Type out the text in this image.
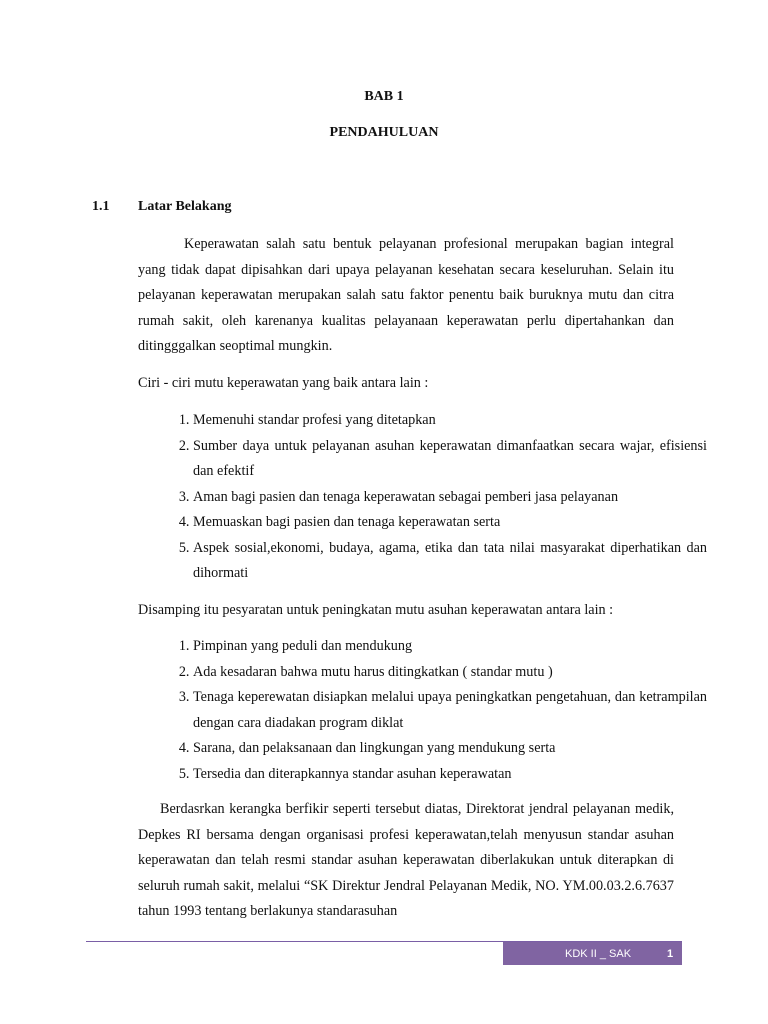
BAB 1

PENDAHULUAN

1.1	Latar Belakang

Keperawatan salah satu bentuk pelayanan profesional merupakan bagian integral yang tidak dapat dipisahkan dari upaya pelayanan kesehatan secara keseluruhan. Selain itu pelayanan keperawatan merupakan salah satu faktor penentu baik buruknya mutu dan citra rumah sakit, oleh karenanya kualitas pelayanaan keperawatan perlu dipertahankan dan ditingggalkan seoptimal mungkin.

Ciri - ciri mutu keperawatan yang baik antara lain :

1. Memenuhi standar profesi yang ditetapkan
2. Sumber daya untuk pelayanan asuhan keperawatan dimanfaatkan secara wajar, efisiensi dan efektif
3. Aman bagi pasien dan tenaga keperawatan sebagai pemberi jasa pelayanan
4. Memuaskan bagi pasien dan tenaga keperawatan serta
5. Aspek sosial,ekonomi, budaya, agama, etika dan tata nilai masyarakat diperhatikan dan dihormati

Disamping itu pesyaratan untuk peningkatan mutu asuhan keperawatan antara lain :

1. Pimpinan yang peduli dan mendukung
2. Ada kesadaran bahwa mutu harus ditingkatkan ( standar mutu )
3. Tenaga keperewatan disiapkan melalui upaya peningkatkan pengetahuan, dan ketrampilan dengan cara diadakan program diklat
4. Sarana, dan pelaksanaan dan lingkungan yang mendukung serta
5. Tersedia dan diterapkannya standar asuhan keperawatan

Berdasrkan kerangka berfikir seperti tersebut diatas, Direktorat jendral pelayanan medik, Depkes RI bersama dengan organisasi profesi keperawatan,telah menyusun standar asuhan keperawatan dan telah resmi standar asuhan keperawatan diberlakukan untuk diterapkan di seluruh rumah sakit, melalui “SK Direktur Jendral Pelayanan Medik, NO. YM.00.03.2.6.7637 tahun 1993 tentang berlakunya standarasuhan

KDK II _ SAK	1
